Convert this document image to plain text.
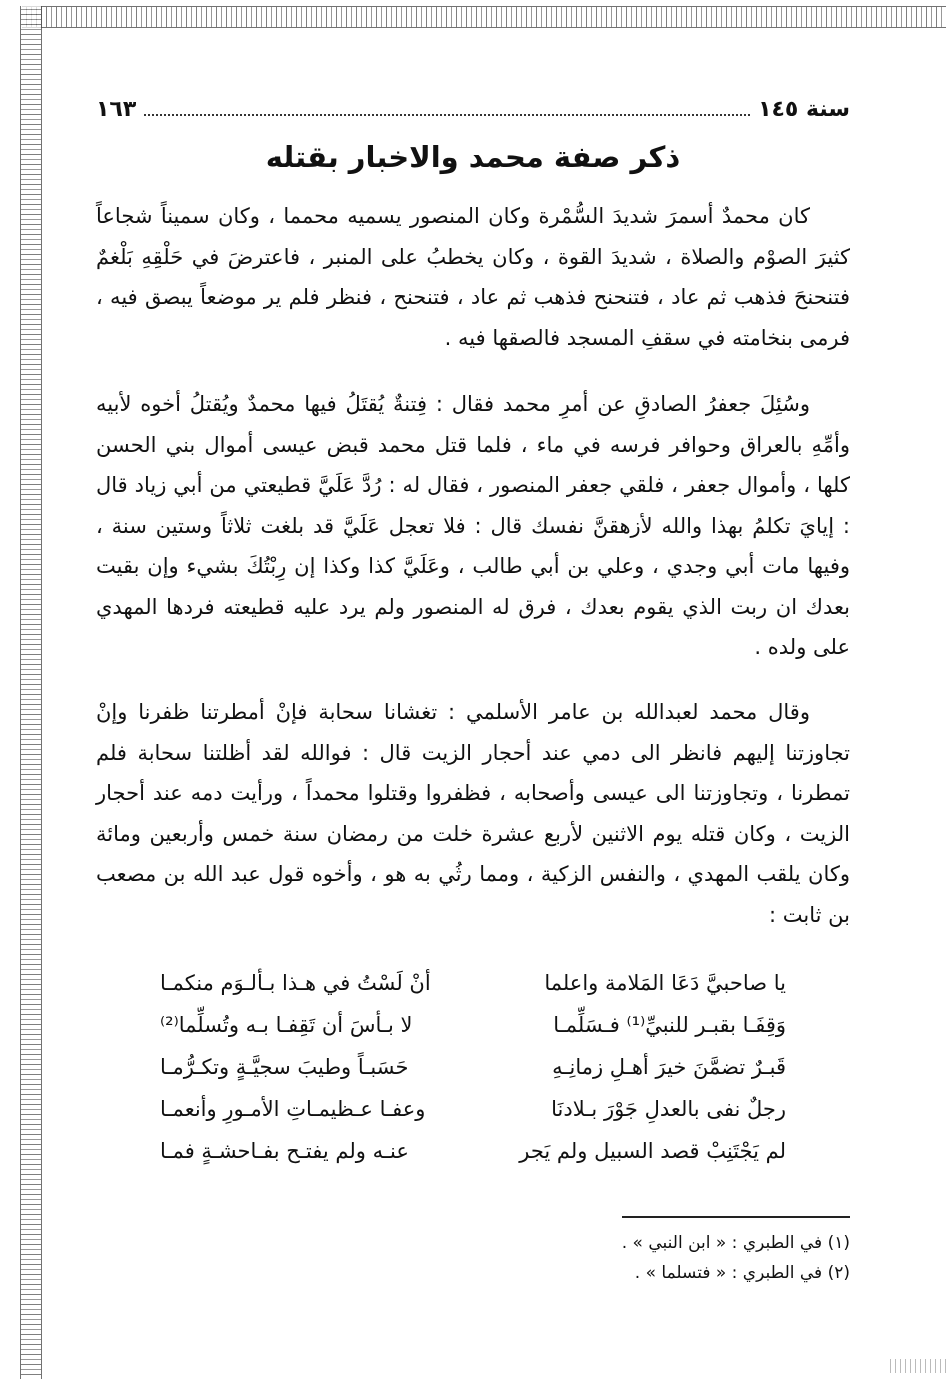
سنة ١٤٥
١٦٣
ذكر صفة محمد والاخبار بقتله

كان محمدٌ أسمرَ شديدَ السُّمْرة وكان المنصور يسميه محمما ، وكان سميناً شجاعاً كثيرَ الصوْم والصلاة ، شديدَ القوة ، وكان يخطبُ على المنبر ، فاعترضَ في حَلْقِهِ بَلْغمٌ فتنحنحَ فذهب ثم عاد ، فتنحنح فذهب ثم عاد ، فتنحنح ، فنظر فلم ير موضعاً يبصق فيه ، فرمى بنخامته في سقفِ المسجد فالصقها فيه .

وسُئِلَ جعفرُ الصادقِ عن أمرِ محمد فقال : فِتنةٌ يُقتَلُ فيها محمدٌ ويُقتلُ أخوه لأبيه وأمِّهِ بالعراق وحوافر فرسه في ماء ، فلما قتل محمد قبض عيسى أموال بني الحسن كلها ، وأموال جعفر ، فلقي جعفر المنصور ، فقال له : رُدَّ عَلَيَّ قطيعتي من أبي زياد قال : إيايَ تكلمُ بهذا والله لأزهقنَّ نفسك قال : فلا تعجل عَلَيَّ قد بلغت ثلاثاً وستين سنة ، وفيها مات أبي وجدي ، وعلي بن أبي طالب ، وعَلَيَّ كذا وكذا إن رِبْتُكَ بشيء وإن بقيت بعدك ان ربت الذي يقوم بعدك ، فرق له المنصور ولم يرد عليه قطيعته فردها المهدي على ولده .

وقال محمد لعبدالله بن عامر الأسلمي : تغشانا سحابة فإنْ أمطرتنا ظفرنا وإنْ تجاوزتنا إليهم فانظر الى دمي عند أحجار الزيت قال : فوالله لقد أظلتنا سحابة فلم تمطرنا ، وتجاوزتنا الى عيسى وأصحابه ، فظفروا وقتلوا محمداً ، ورأيت دمه عند أحجار الزيت ، وكان قتله يوم الاثنين لأربع عشرة خلت من رمضان سنة خمس وأربعين ومائة وكان يلقب المهدي ، والنفس الزكية ، ومما رثُي به هو ، وأخوه قول عبد الله بن مصعب بن ثابت :

يا صاحبيَّ دَعَا المَلامة واعلما
أنْ لَسْتُ في هـذا بـألـوَم منكمـا
وَقِفَـا بقبـر للنبيِّ⁽¹⁾ فـسَلِّمـا
لا بـأسَ أن تَقِفـا بـه وتُسلِّما⁽²⁾
قَبـرٌ تضمَّنَ خيرَ أهـلِ زمانِـهِ
حَسَبـاً وطيبَ سجيَّـةٍ وتكـرُّمـا
رجلٌ نفى بالعدلِ جَوْرَ بـلادنَا
وعفـا عـظيمـاتِ الأمـورِ وأنعمـا
لم يَجْتَنِبْ قصد السبيل ولم يَجر
عنـه ولم يفتـح بفـاحشـةٍ فمـا
(١) في الطبري : « ابن النبي » .
(٢) في الطبري : « فتسلما » .
